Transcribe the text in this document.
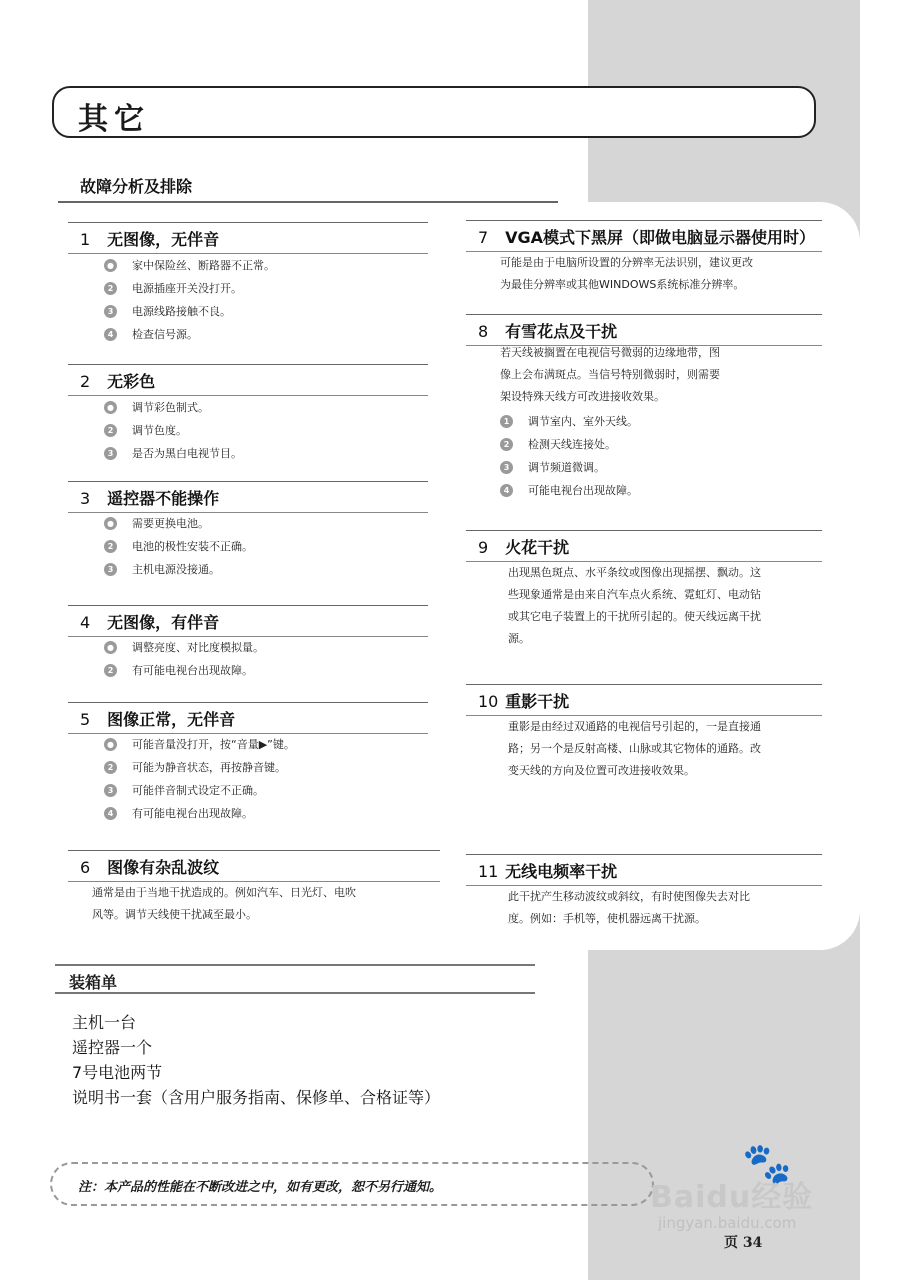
其它
故障分析及排除
1 无图像，无伴音
● 家中保险丝、断路器不正常。
2	电源插座开关没打开。
3	电源线路接触不良。
4	检查信号源。
2 无彩色
● 调节彩色制式。
2	调节色度。
3	是否为黑白电视节目。
3 遥控器不能操作
● 需要更换电池。
2	电池的极性安装不正确。
3	主机电源没接通。
4 无图像，有伴音
● 调整亮度、对比度模拟量。
2	有可能电视台出现故障。
5 图像正常，无伴音
● 可能音量没打开，按“音量▶”键。
2	可能为静音状态，再按静音键。
3	可能伴音制式设定不正确。
4	有可能电视台出现故障。
6 图像有杂乱波纹
通常是由于当地干扰造成的。例如汽车、日光灯、电吹
风等。调节天线使干扰减至最小。
7 VGA模式下黑屏（即做电脑显示器使用时）
可能是由于电脑所设置的分辨率无法识别，建议更改
为最佳分辨率或其他WINDOWS系统标准分辨率。
8 有雪花点及干扰
若天线被搁置在电视信号微弱的边缘地带，图
像上会布满斑点。当信号特别微弱时，则需要
架设特殊天线方可改进接收效果。
1	调节室内、室外天线。
2	检测天线连接处。
3	调节频道微调。
4	可能电视台出现故障。
9 火花干扰
出现黑色斑点、水平条纹或图像出现摇摆、飘动。这
些现象通常是由来自汽车点火系统、霓虹灯、电动钻
或其它电子装置上的干扰所引起的。使天线远离干扰
源。
10 重影干扰
重影是由经过双通路的电视信号引起的，一是直接通
路；另一个是反射高楼、山脉或其它物体的通路。改
变天线的方向及位置可改进接收效果。
11 无线电频率干扰
此干扰产生移动波纹或斜纹，有时使图像失去对比
度。例如：手机等，使机器远离干扰源。
装箱单
主机一台
遥控器一个
7号电池两节
说明书一套（含用户服务指南、保修单、合格证等）
注：本产品的性能在不断改进之中，如有更改，恕不另行通知。
🐾
Baidu经验
jingyan.baidu.com
页 34
